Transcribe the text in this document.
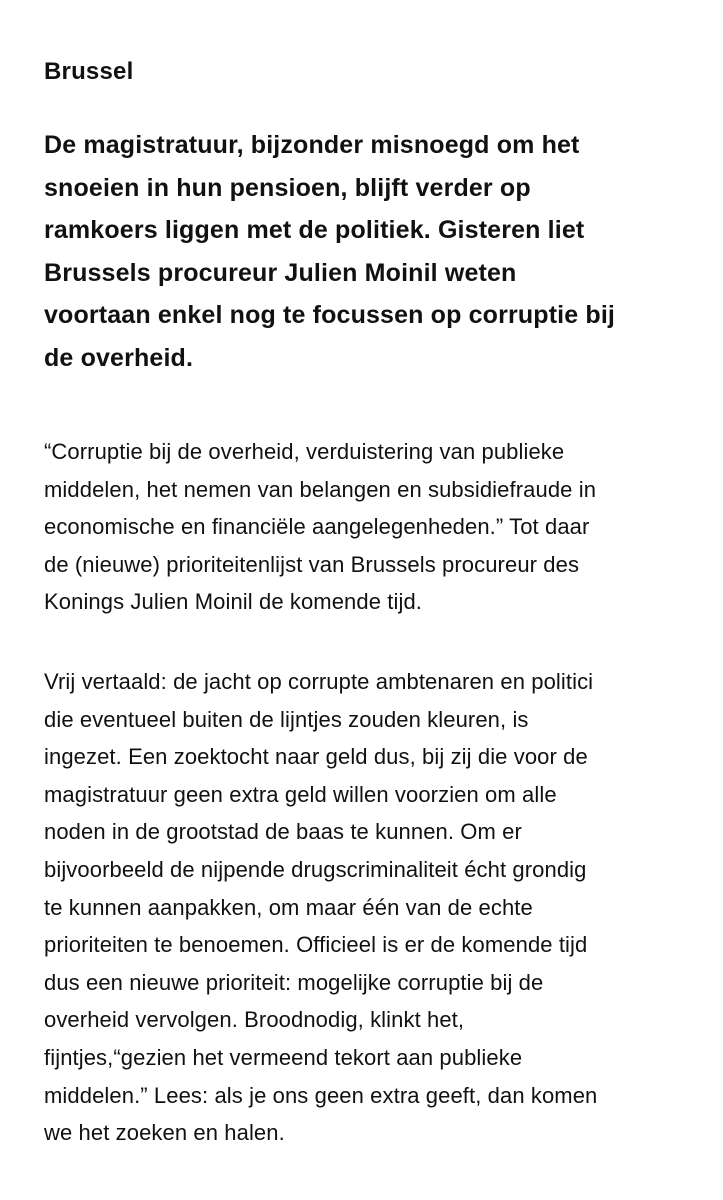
Brussel

De magistratuur, bijzonder misnoegd om het
snoeien in hun pensioen, blijft verder op
ramkoers liggen met de politiek. Gisteren liet
Brussels procureur Julien Moinil weten
voortaan enkel nog te focussen op corruptie bij
de overheid.

“Corruptie bij de overheid, verduistering van publieke
middelen, het nemen van belangen en subsidiefraude in
economische en financiële aangelegenheden.” Tot daar
de (nieuwe) prioriteitenlijst van Brussels procureur des
Konings Julien Moinil de komende tijd.

Vrij vertaald: de jacht op corrupte ambtenaren en politici
die eventueel buiten de lijntjes zouden kleuren, is
ingezet. Een zoektocht naar geld dus, bij zij die voor de
magistratuur geen extra geld willen voorzien om alle
noden in de grootstad de baas te kunnen. Om er
bijvoorbeeld de nijpende drugscriminaliteit écht grondig
te kunnen aanpakken, om maar één van de echte
prioriteiten te benoemen. Officieel is er de komende tijd
dus een nieuwe prioriteit: mogelijke corruptie bij de
overheid vervolgen. Broodnodig, klinkt het,
fijntjes,“gezien het vermeend tekort aan publieke
middelen.” Lees: als je ons geen extra geeft, dan komen
we het zoeken en halen.
